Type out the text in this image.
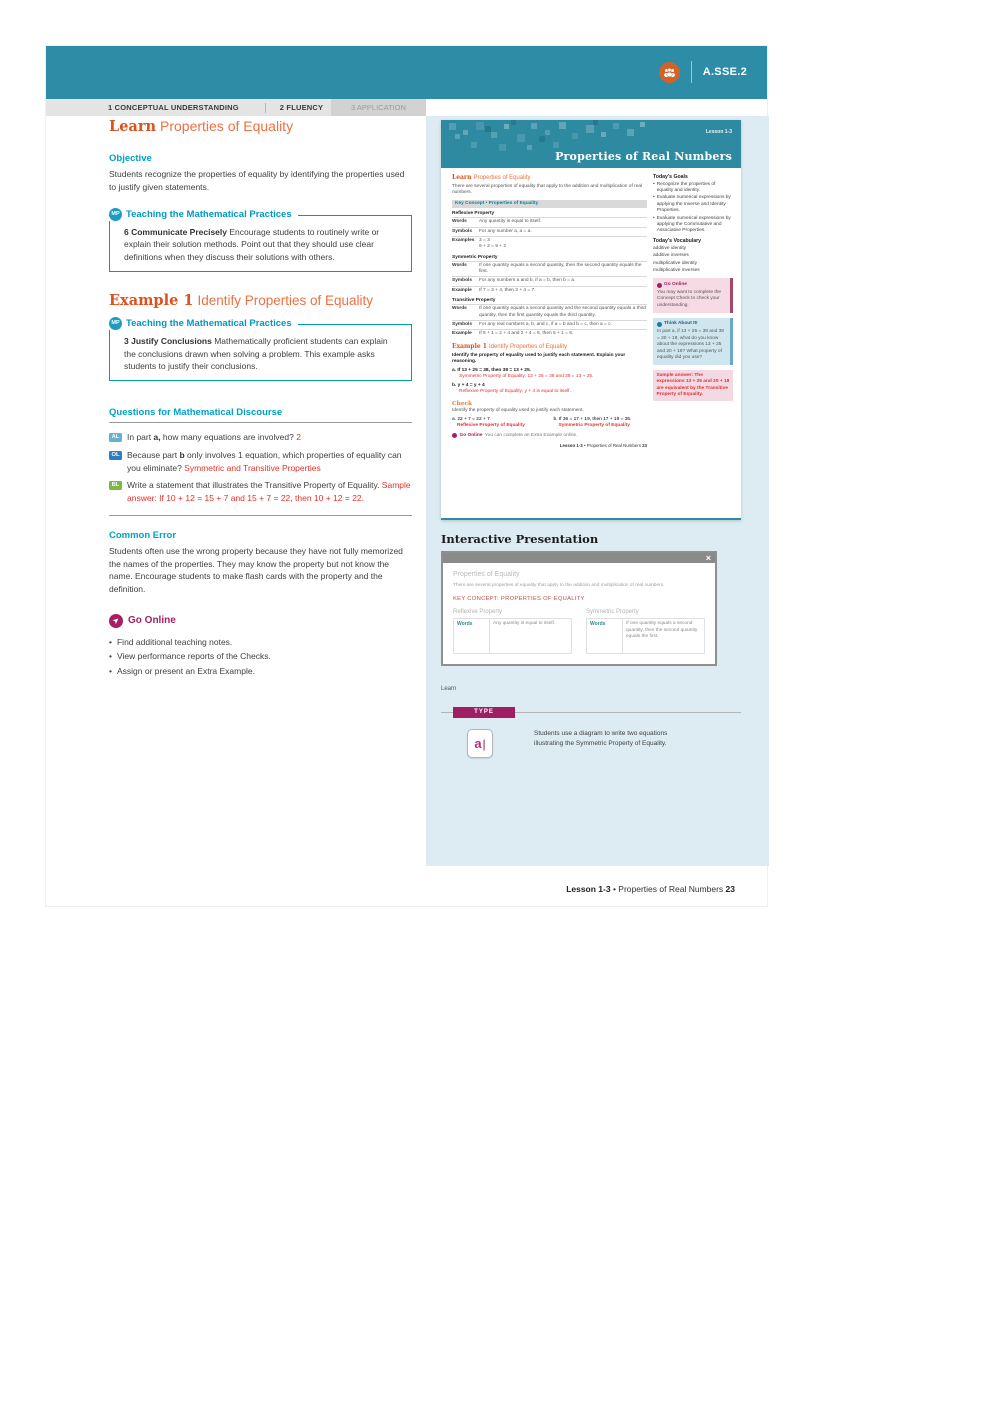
A.SSE.2
1 CONCEPTUAL UNDERSTANDING	2 FLUENCY	3 APPLICATION
Learn Properties of Equality
Objective
Students recognize the properties of equality by identifying the properties used to justify given statements.
MP Teaching the Mathematical Practices
6 Communicate Precisely Encourage students to routinely write or explain their solution methods. Point out that they should use clear definitions when they discuss their solutions with others.
Example 1 Identify Properties of Equality
MP Teaching the Mathematical Practices
3 Justify Conclusions Mathematically proficient students can explain the conclusions drawn when solving a problem. This example asks students to justify their conclusions.
Questions for Mathematical Discourse
AL In part a, how many equations are involved? 2
OL Because part b only involves 1 equation, which properties of equality can you eliminate? Symmetric and Transitive Properties
BL Write a statement that illustrates the Transitive Property of Equality. Sample answer: If 10 + 12 = 15 + 7 and 15 + 7 = 22, then 10 + 12 = 22.
Common Error
Students often use the wrong property because they have not fully memorized the names of the properties. They may know the property but not know the name. Encourage students to make flash cards with the property and the definition.
➤ Go Online
• Find additional teaching notes.
• View performance reports of the Checks.
• Assign or present an Extra Example.
Lesson 1-3
Properties of Real Numbers
Learn Properties of Equality
There are several properties of equality that apply to the addition and multiplication of real numbers.
Key Concept • Properties of Equality
Reflexive Property
Words	Any quantity is equal to itself.
Symbols	For any number a, a = a.
Examples 3 = 3
9 + 2 = 9 + 2
Symmetric Property
Words	If one quantity equals a second quantity, then the second quantity equals the first.
Symbols	For any numbers a and b, if a = b, then b = a.
Example	If 7 = 3 + 4, then 3 + 4 = 7.
Transitive Property
Words	If one quantity equals a second quantity and the second quantity equals a third quantity, then the first quantity equals the third quantity.
Symbols	For any real numbers a, b, and c, if a = b and b = c, then a = c.
Example	If 5 + 1 = 2 + 4 and 2 + 4 = 6, then 5 + 1 = 6.
Example 1 Identify Properties of Equality
Identify the property of equality used to justify each statement. Explain your reasoning.
a. If 13 + 25 = 38, then 38 = 13 + 25.
Symmetric Property of Equality; 13 + 25 = 38 and 38 = 13 + 25.
b. y + 4 = y + 4
Reflexive Property of Equality; y + 4 is equal to itself.
Check
Identify the property of equality used to justify each statement.
a. 22 + 7 = 22 + 7
Reflexive Property of Equality
b. If 36 = 17 + 19, then 17 + 19 = 36.
Symmetric Property of Equality
Go Online You can complete an Extra Example online.
Lesson 1-3 • Properties of Real Numbers 23
Today's Goals
• Recognize the properties of equality and identity.
• Evaluate numerical expressions by applying the Inverse and Identity Properties.
• Evaluate numerical expressions by applying the Commutative and Associative Properties.
Today's Vocabulary
additive identity
additive inverses
multiplicative identity
multiplicative inverses
Go Online
You may want to complete the Concept Check to check your understanding.
Think About It!
In part a, if 13 + 25 = 38 and 38 = 20 + 18, what do you know about the expressions 13 + 25 and 20 + 18? What property of equality did you use?
Sample answer: The expressions 13 + 25 and 20 + 18 are equivalent by the Transitive Property of Equality.
Interactive Presentation
×
Properties of Equality
There are several properties of equality that apply to the addition and multiplication of real numbers.
KEY CONCEPT: PROPERTIES OF EQUALITY
Reflexive Property
Words	Any quantity is equal to itself.
Symmetric Property
Words	If one quantity equals a second quantity, then the second quantity equals the first.
Learn
TYPE
a |
Students use a diagram to write two equations illustrating the Symmetric Property of Equality.
Lesson 1-3 • Properties of Real Numbers 23
